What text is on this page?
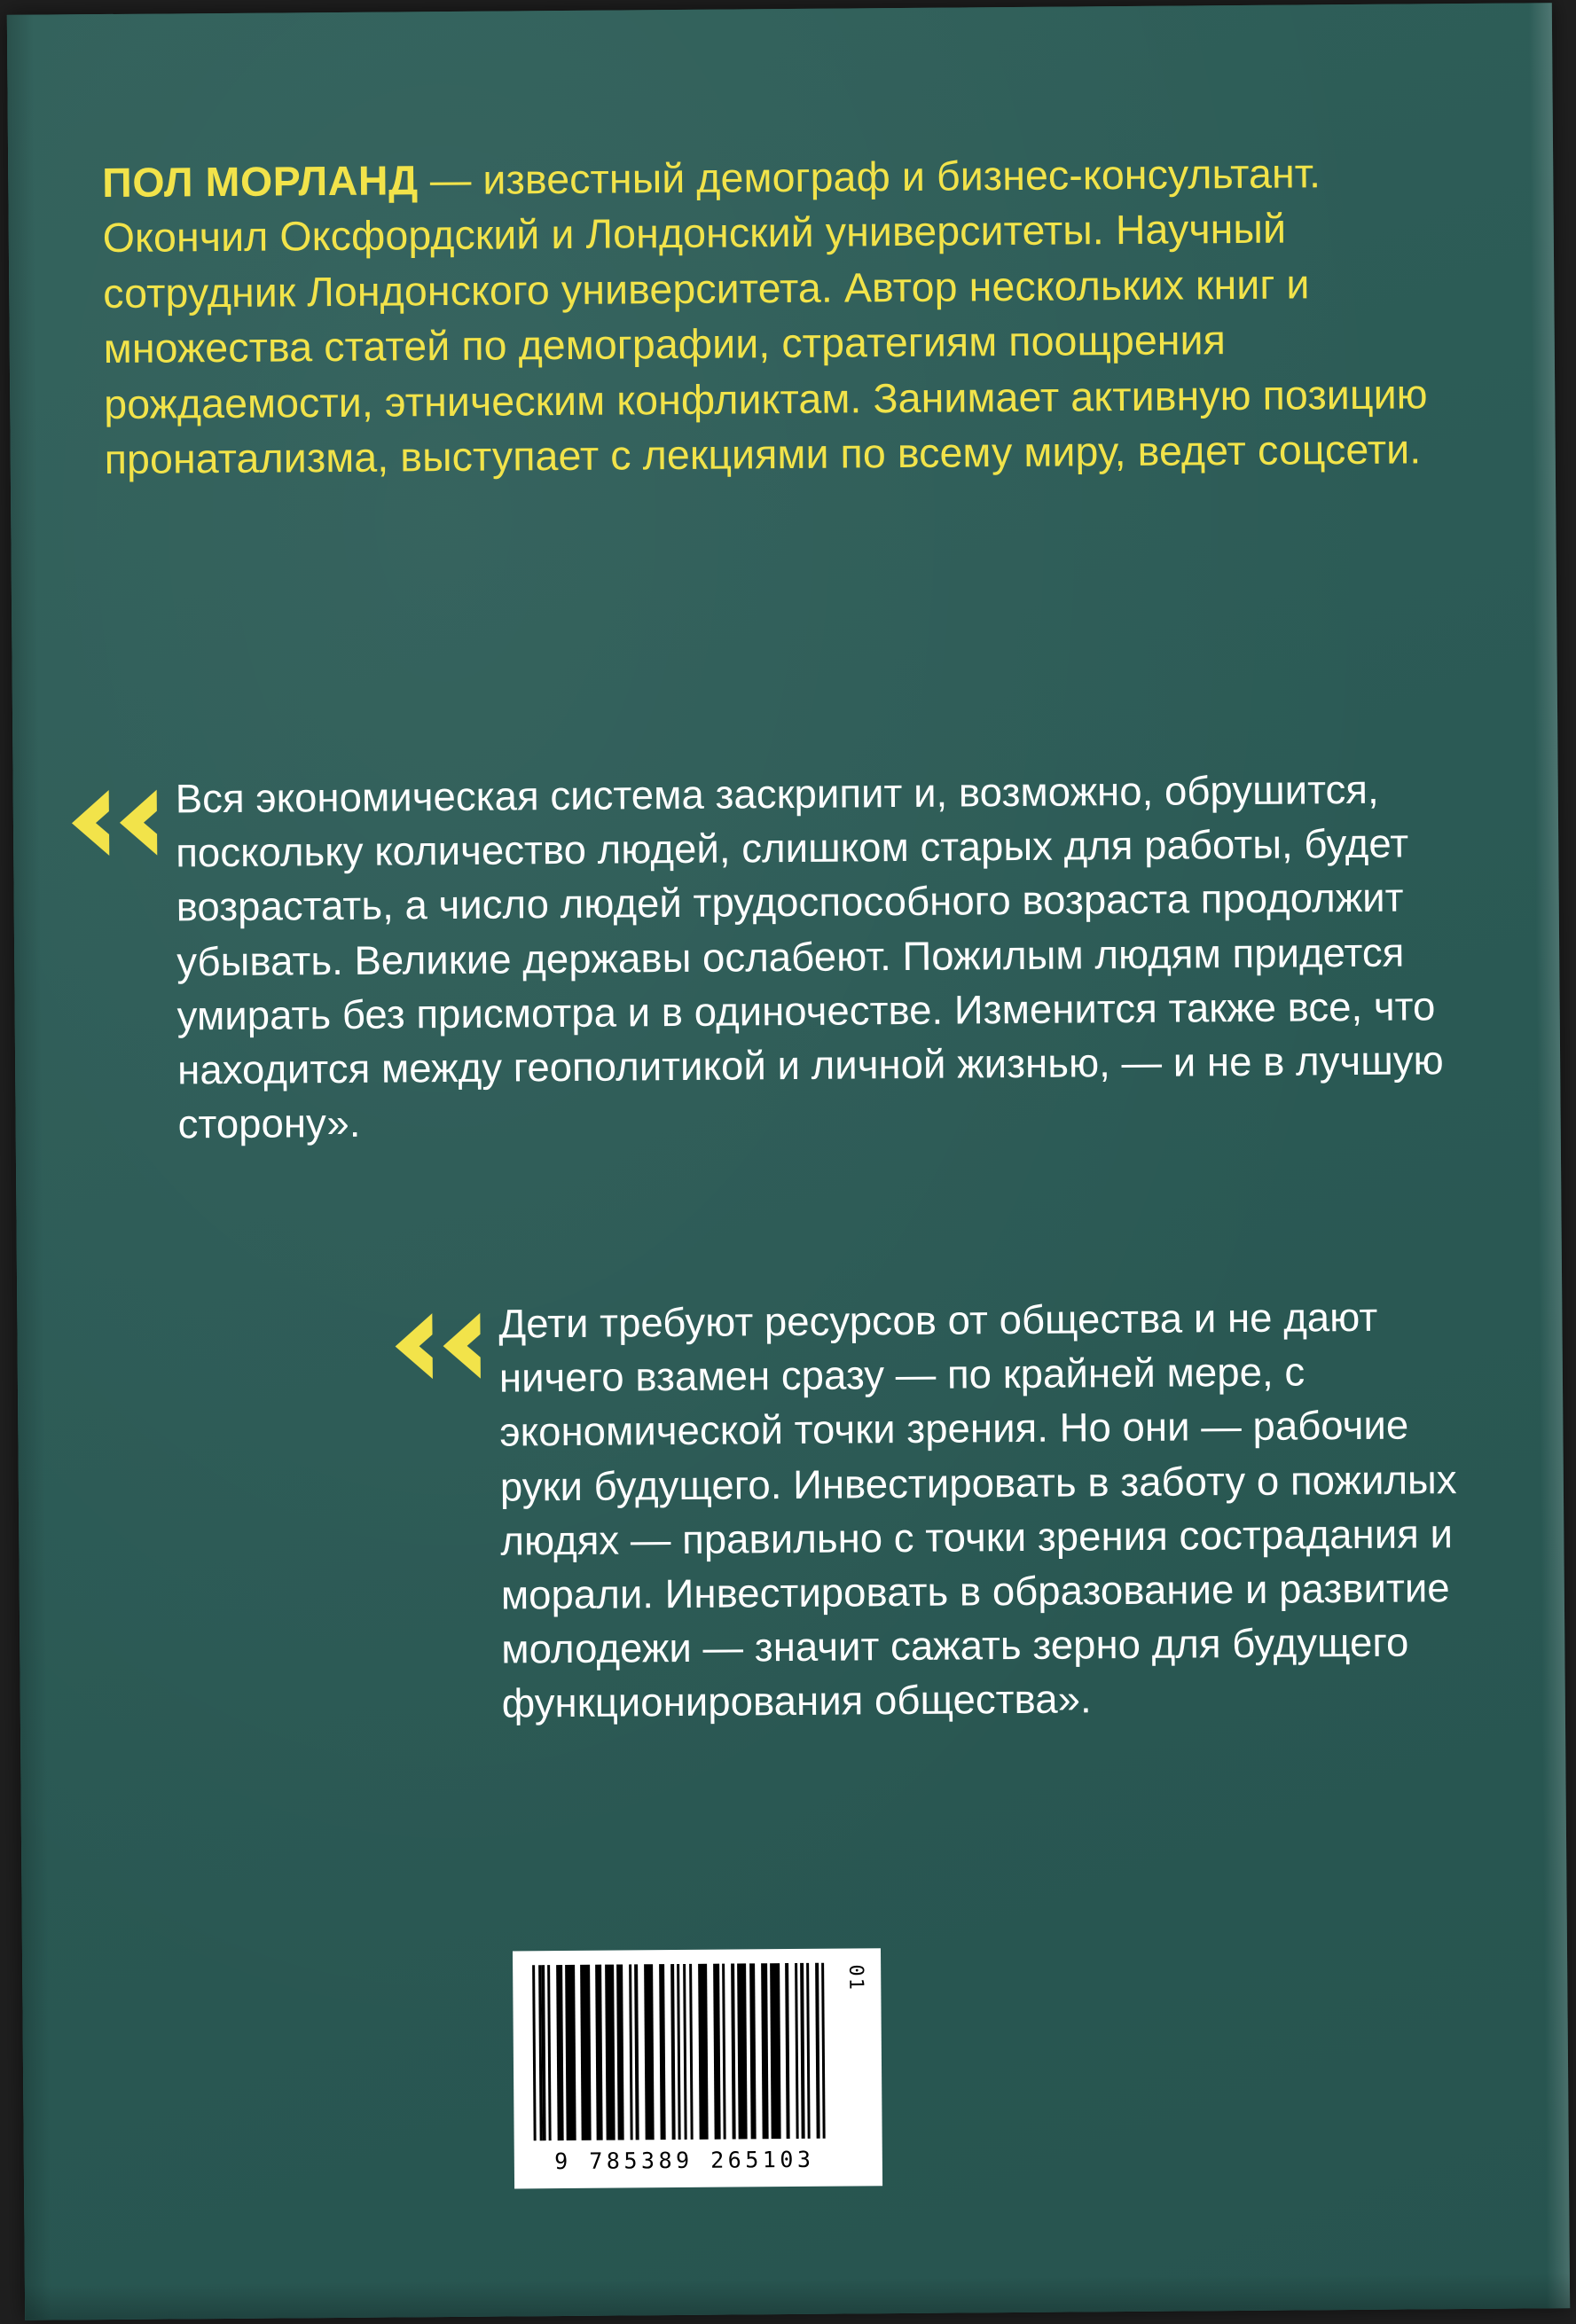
ПОЛ МОРЛАНД — известный демограф и бизнес-консультант. Окончил Оксфордский и Лондонский университеты. Научный сотрудник Лондонского университета. Автор нескольких книг и множества статей по демографии, стратегиям поощрения рождаемости, этническим конфликтам. Занимает активную позицию пронатализма, выступает с лекциями по всему миру, ведет соцсети.

Вся экономическая система заскрипит и, возможно, обрушится, поскольку количество людей, слишком старых для работы, будет возрастать, а число людей трудоспособного возраста продолжит убывать. Великие державы ослабеют. Пожилым людям придется умирать без присмотра и в одиночестве. Изменится также все, что находится между геополитикой и личной жизнью, — и не в лучшую сторону».
Дети требуют ресурсов от общества и не дают ничего взамен сразу — по крайней мере, с экономической точки зрения. Но они — рабочие руки будущего. Инвестировать в заботу о пожилых людях — правильно с точки зрения сострадания и морали. Инвестировать в образование и развитие молодежи — значит сажать зерно для будущего функционирования общества».
01
9 785389 265103
